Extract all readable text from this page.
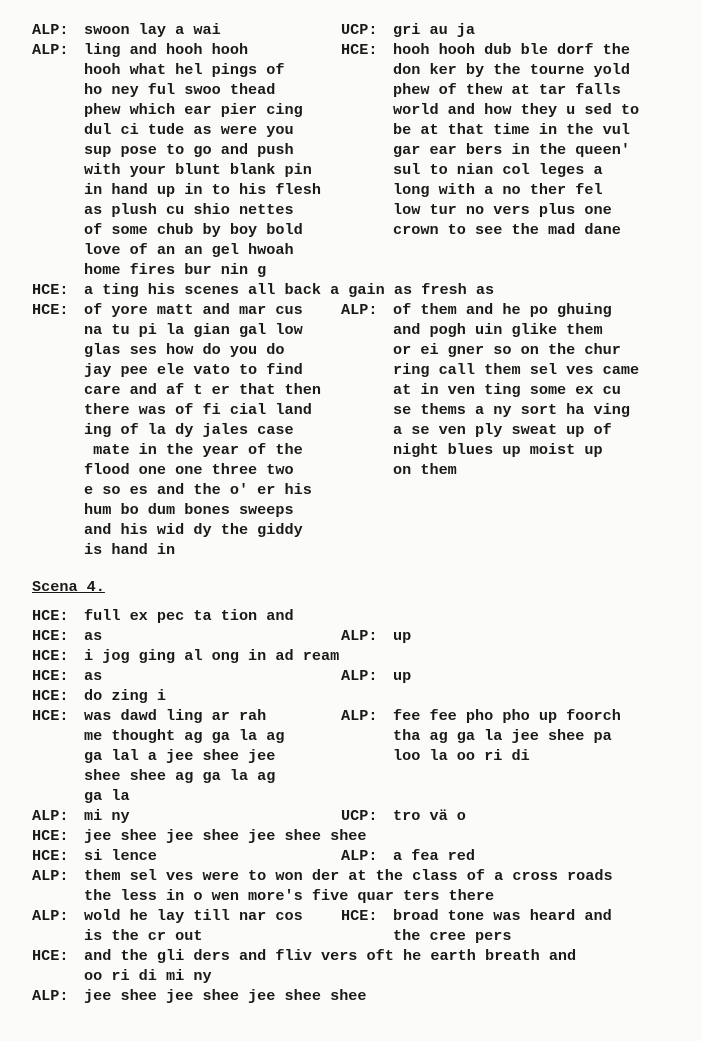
ALP: swoon lay a wai	UCP: gri au ja
ALP: ling and hooh hooh	HCE: hooh hooh dub ble dorf the
hooh what hel pings of	don ker by the tourne yold
ho ney ful swoo thead	phew of thew at tar falls
phew which ear pier cing	world and how they u sed to
dul ci tude as were you	be at that time in the vul
sup pose to go and push	gar ear bers in the queen'
with your blunt blank pin	sul to nian col leges a
in hand up in to his flesh	long with a no ther fel
as plush cu shio nettes	low tur no vers plus one
of some chub by boy bold	crown to see the mad dane
love of an an gel hwoah
home fires bur nin g
HCE: a ting his scenes all back a gain as fresh as
HCE: of yore matt and mar cus	ALP: of them and he po ghuing
na tu pi la gian gal low	and pogh uin glike them
glas ses how do you do	or ei gner so on the chur
jay pee ele vato to find	ring call them sel ves came
care and af t er that then	at in ven ting some ex cu
there was of fi cial land	se thems a ny sort ha ving
ing of la dy jales case	a se ven ply sweat up of
mate in the year of the	night blues up moist up
flood one one three two	on them
e so es and the o' er his
hum bo dum bones sweeps
and his wid dy the giddy
is hand in
Scena 4.
HCE: full ex pec ta tion and
HCE: as	ALP: up
HCE: i jog ging al ong in ad ream
HCE: as	ALP: up
HCE: do zing i
HCE: was dawd ling ar rah	ALP: fee fee pho pho up foorch
me thought ag ga la ag	tha ag ga la jee shee pa
ga lal a jee shee jee	loo la oo ri di
shee shee ag ga la ag
ga la
ALP: mi ny	UCP: tro vä o
HCE: jee shee jee shee jee shee shee
HCE: si lence	ALP: a fea red
ALP: them sel ves were to won der at the class of a cross roads
the less in o wen more's five quar ters there
ALP: wold he lay till nar cos	HCE: broad tone was heard and
is the cr out	the cree pers
HCE: and the gli ders and fliv vers oft he earth breath and
oo ri di mi ny
ALP: jee shee jee shee jee shee shee
